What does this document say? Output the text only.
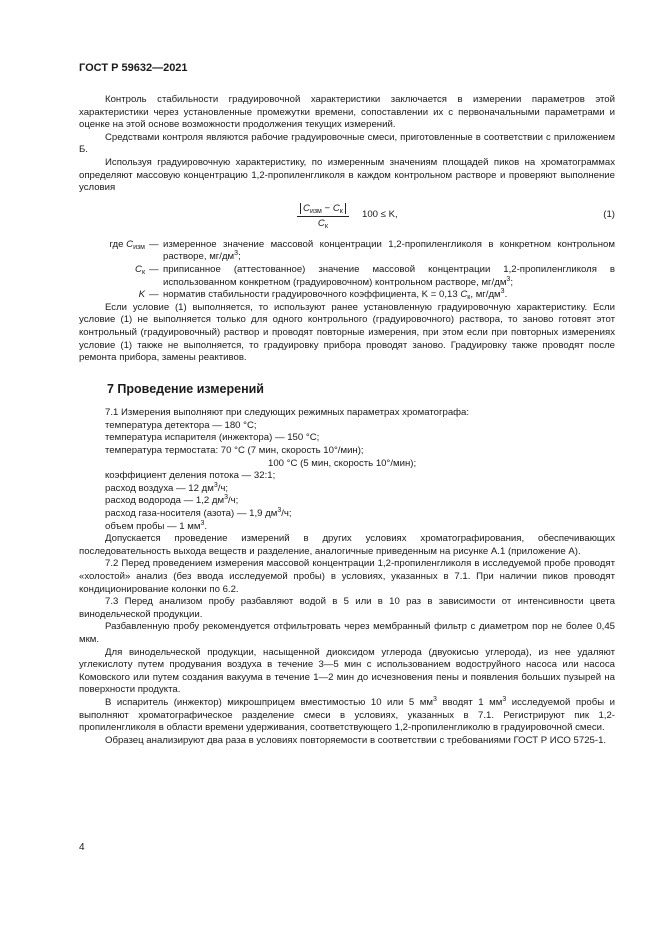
ГОСТ Р 59632—2021

Контроль стабильности градуировочной характеристики заключается в измерении параметров этой характеристики через установленные промежутки времени, сопоставлении их с первоначальными параметрами и оценке на этой основе возможности продолжения текущих измерений.

Средствами контроля являются рабочие градуировочные смеси, приготовленные в соответствии с приложением Б.

Используя градуировочную характеристику, по измеренным значениям площадей пиков на хроматограммах определяют массовую концентрацию 1,2-пропиленгликоля в каждом контрольном растворе и проверяют выполнение условия

$C_{изм} - C_к$
$C_к$
100 ≤ K,	(1)
где $C_{изм}$ — измеренное значение массовой концентрации 1,2-пропиленгликоля в конкретном контрольном растворе, $мг/дм^3$;
$C_к$ — приписанное (аттестованное) значение массовой концентрации 1,2-пропиленгликоля в использованном конкретном (градуировочном) контрольном растворе, $мг/дм^3$;
K — норматив стабильности градуировочного коэффициента, K = 0,13 $C_к$, $мг/дм^3$.

Если условие (1) выполняется, то используют ранее установленную градуировочную характеристику. Если условие (1) не выполняется только для одного контрольного (градуировочного) раствора, то заново готовят этот контрольный (градуировочный) раствор и проводят повторные измерения, при этом если при повторных измерениях условие (1) также не выполняется, то градуировку прибора проводят заново. Градуировку также проводят после ремонта прибора, замены реактивов.

7 Проведение измерений

7.1 Измерения выполняют при следующих режимных параметрах хроматографа:

температура детектора — 180 °С;

температура испарителя (инжектора) — 150 °С;

температура термостата: 70 °С (7 мин, скорость 10°/мин);

100 °С (5 мин, скорость 10°/мин);

коэффициент деления потока — 32:1;

расход воздуха — 12 $дм^3/ч$;

расход водорода — 1,2 $дм^3/ч$;

расход газа-носителя (азота) — 1,9 $дм^3/ч$;

объем пробы — 1 $мм^3$.

Допускается проведение измерений в других условиях хроматографирования, обеспечивающих последовательность выхода веществ и разделение, аналогичные приведенным на рисунке А.1 (приложение А).

7.2 Перед проведением измерения массовой концентрации 1,2-пропиленгликоля в исследуемой пробе проводят «холостой» анализ (без ввода исследуемой пробы) в условиях, указанных в 7.1. При наличии пиков проводят кондиционирование колонки по 6.2.

7.3 Перед анализом пробу разбавляют водой в 5 или в 10 раз в зависимости от интенсивности цвета винодельческой продукции.

Разбавленную пробу рекомендуется отфильтровать через мембранный фильтр с диаметром пор не более 0,45 мкм.

Для винодельческой продукции, насыщенной диоксидом углерода (двуокисью углерода), из нее удаляют углекислоту путем продувания воздуха в течение 3—5 мин с использованием водоструйного насоса или насоса Комовского или путем создания вакуума в течение 1—2 мин до исчезновения пены и появления больших пузырей на поверхности продукта.

В испаритель (инжектор) микрошприцем вместимостью 10 или 5 $мм^3$ вводят 1 $мм^3$ исследуемой пробы и выполняют хроматографическое разделение смеси в условиях, указанных в 7.1. Регистрируют пик 1,2-пропиленгликоля в области времени удерживания, соответствующего 1,2-пропиленгликолю в градуировочной смеси.

Образец анализируют два раза в условиях повторяемости в соответствии с требованиями ГОСТ Р ИСО 5725-1.

4
